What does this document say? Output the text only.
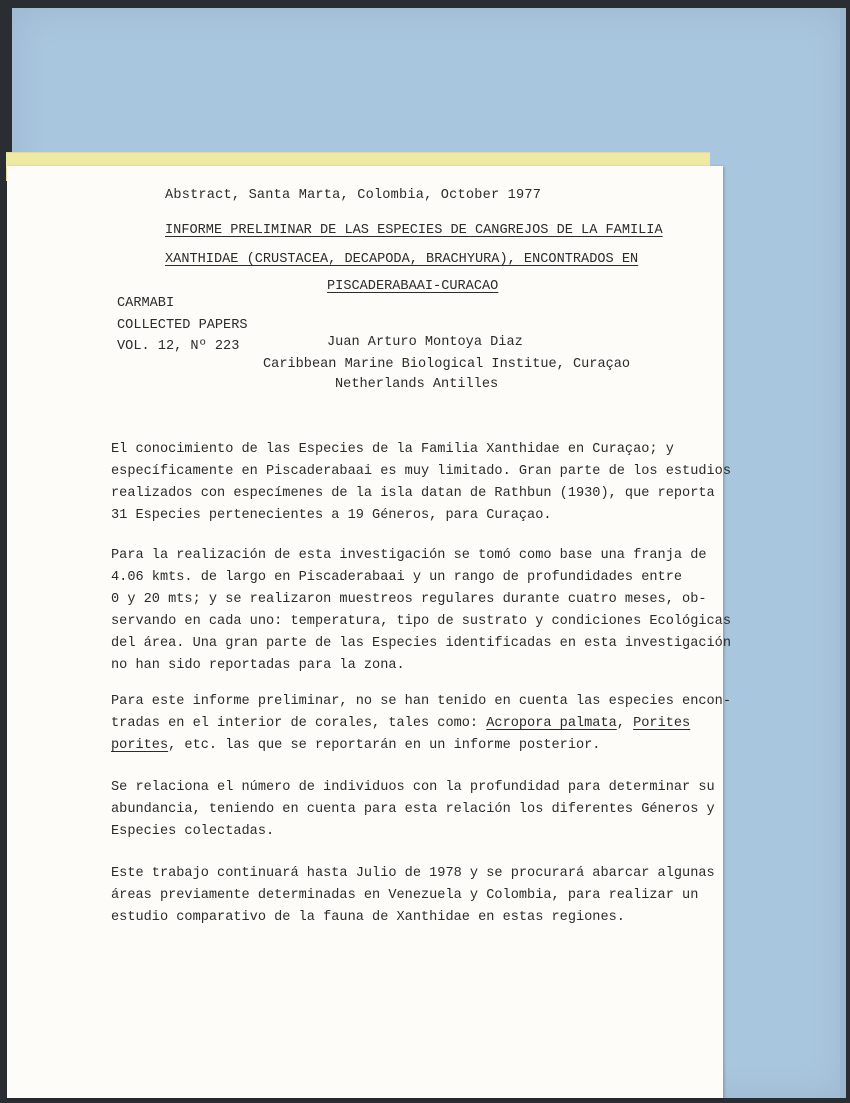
Abstract, Santa Marta, Colombia, October 1977
INFORME PRELIMINAR DE LAS ESPECIES DE CANGREJOS DE LA FAMILIA
XANTHIDAE (CRUSTACEA, DECAPODA, BRACHYURA), ENCONTRADOS EN
PISCADERABAAI-CURACAO
CARMABI
COLLECTED PAPERS
VOL. 12, Nº 223	Juan Arturo Montoya Diaz
Caribbean Marine Biological Institue, Curaçao
Netherlands Antilles
El conocimiento de las Especies de la Familia Xanthidae en Curaçao; y
específicamente en Piscaderabaai es muy limitado. Gran parte de los estudios
realizados con especímenes de la isla datan de Rathbun (1930), que reporta
31 Especies pertenecientes a 19 Géneros, para Curaçao.
Para la realización de esta investigación se tomó como base una franja de
4.06 kmts. de largo en Piscaderabaai y un rango de profundidades entre
0 y 20 mts; y se realizaron muestreos regulares durante cuatro meses, ob-
servando en cada uno: temperatura, tipo de sustrato y condiciones Ecológicas
del área. Una gran parte de las Especies identificadas en esta investigación
no han sido reportadas para la zona.
Para este informe preliminar, no se han tenido en cuenta las especies encon-
tradas en el interior de corales, tales como: Acropora palmata, Porites
porites, etc. las que se reportarán en un informe posterior.
Se relaciona el número de individuos con la profundidad para determinar su
abundancia, teniendo en cuenta para esta relación los diferentes Géneros y
Especies colectadas.
Este trabajo continuará hasta Julio de 1978 y se procurará abarcar algunas
áreas previamente determinadas en Venezuela y Colombia, para realizar un
estudio comparativo de la fauna de Xanthidae en estas regiones.
